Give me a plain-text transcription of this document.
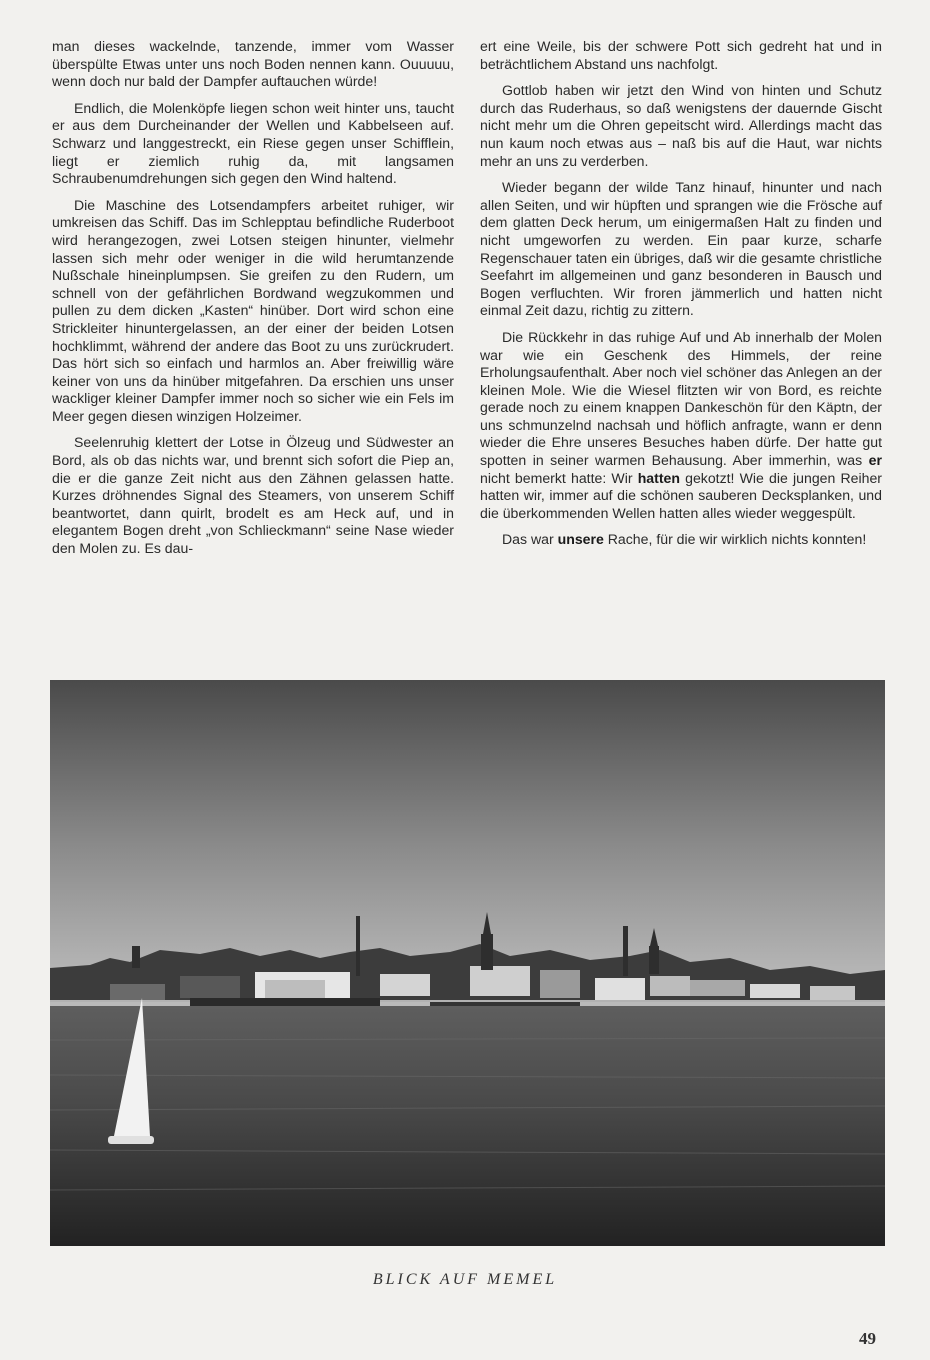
man dieses wackelnde, tanzende, immer vom Wasser überspülte Etwas unter uns noch Boden nennen kann. Ouuuuu, wenn doch nur bald der Dampfer auftauchen würde!

Endlich, die Molenköpfe liegen schon weit hinter uns, taucht er aus dem Durcheinander der Wellen und Kabbelseen auf. Schwarz und langgestreckt, ein Riese gegen unser Schifflein, liegt er ziemlich ruhig da, mit langsamen Schraubenumdrehungen sich gegen den Wind haltend.

Die Maschine des Lotsendampfers arbeitet ruhiger, wir umkreisen das Schiff. Das im Schlepptau befindliche Ruderboot wird herangezogen, zwei Lotsen steigen hinunter, vielmehr lassen sich mehr oder weniger in die wild herumtanzende Nußschale hineinplumpsen. Sie greifen zu den Rudern, um schnell von der gefährlichen Bordwand wegzukommen und pullen zu dem dicken „Kasten“ hinüber. Dort wird schon eine Strickleiter hinuntergelassen, an der einer der beiden Lotsen hochklimmt, während der andere das Boot zu uns zurückrudert. Das hört sich so einfach und harmlos an. Aber freiwillig wäre keiner von uns da hinüber mitgefahren. Da erschien uns unser wackliger kleiner Dampfer immer noch so sicher wie ein Fels im Meer gegen diesen winzigen Holzeimer.

Seelenruhig klettert der Lotse in Ölzeug und Südwester an Bord, als ob das nichts war, und brennt sich sofort die Piep an, die er die ganze Zeit nicht aus den Zähnen gelassen hatte. Kurzes dröhnendes Signal des Steamers, von unserem Schiff beantwortet, dann quirlt, brodelt es am Heck auf, und in elegantem Bogen dreht „von Schlieckmann“ seine Nase wieder den Molen zu. Es dau-

ert eine Weile, bis der schwere Pott sich gedreht hat und in beträchtlichem Abstand uns nachfolgt.

Gottlob haben wir jetzt den Wind von hinten und Schutz durch das Ruderhaus, so daß wenigstens der dauernde Gischt nicht mehr um die Ohren gepeitscht wird. Allerdings macht das nun kaum noch etwas aus – naß bis auf die Haut, war nichts mehr an uns zu verderben.

Wieder begann der wilde Tanz hinauf, hinunter und nach allen Seiten, und wir hüpften und sprangen wie die Frösche auf dem glatten Deck herum, um einigermaßen Halt zu finden und nicht umgeworfen zu werden. Ein paar kurze, scharfe Regenschauer taten ein übriges, daß wir die gesamte christliche Seefahrt im allgemeinen und ganz besonderen in Bausch und Bogen verfluchten. Wir froren jämmerlich und hatten nicht einmal Zeit dazu, richtig zu zittern.

Die Rückkehr in das ruhige Auf und Ab innerhalb der Molen war wie ein Geschenk des Himmels, der reine Erholungsaufenthalt. Aber noch viel schöner das Anlegen an der kleinen Mole. Wie die Wiesel flitzten wir von Bord, es reichte gerade noch zu einem knappen Dankeschön für den Käptn, der uns schmunzelnd nachsah und höflich anfragte, wann er denn wieder die Ehre unseres Besuches haben dürfe. Der hatte gut spotten in seiner warmen Behausung. Aber immerhin, was er nicht bemerkt hatte: Wir hatten gekotzt! Wie die jungen Reiher hatten wir, immer auf die schönen sauberen Decksplanken, und die überkommenden Wellen hatten alles wieder weggespült.

Das war unsere Rache, für die wir wirklich nichts konnten!

BLICK AUF MEMEL
49
